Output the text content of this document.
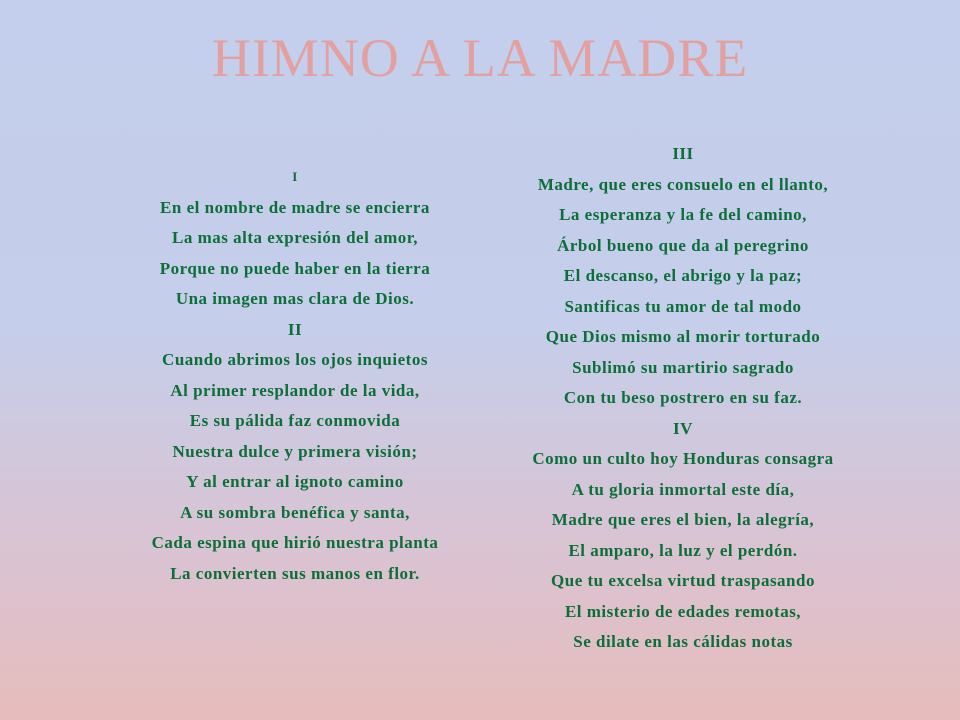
HIMNO A LA MADRE
I
En el nombre de madre se encierra
La mas alta expresión del amor,
Porque no puede haber en la tierra
Una imagen mas clara de Dios.
II
Cuando abrimos los ojos inquietos
Al primer resplandor de la vida,
Es su pálida faz conmovida
Nuestra dulce y primera visión;
Y al entrar al ignoto camino
A su sombra benéfica y santa,
Cada espina que hirió nuestra planta
La convierten sus manos en flor.
III
Madre, que eres consuelo en el llanto,
La esperanza y la fe del camino,
Árbol bueno que da al peregrino
El descanso, el abrigo y la paz;
Santificas tu amor de tal modo
Que Dios mismo al morir torturado
Sublimó su martirio sagrado
Con tu beso postrero en su faz.
IV
Como un culto hoy Honduras consagra
A tu gloria inmortal este día,
Madre que eres el bien, la alegría,
El amparo, la luz y el perdón.
Que tu excelsa virtud traspasando
El misterio de edades remotas,
Se dilate en las cálidas notas
